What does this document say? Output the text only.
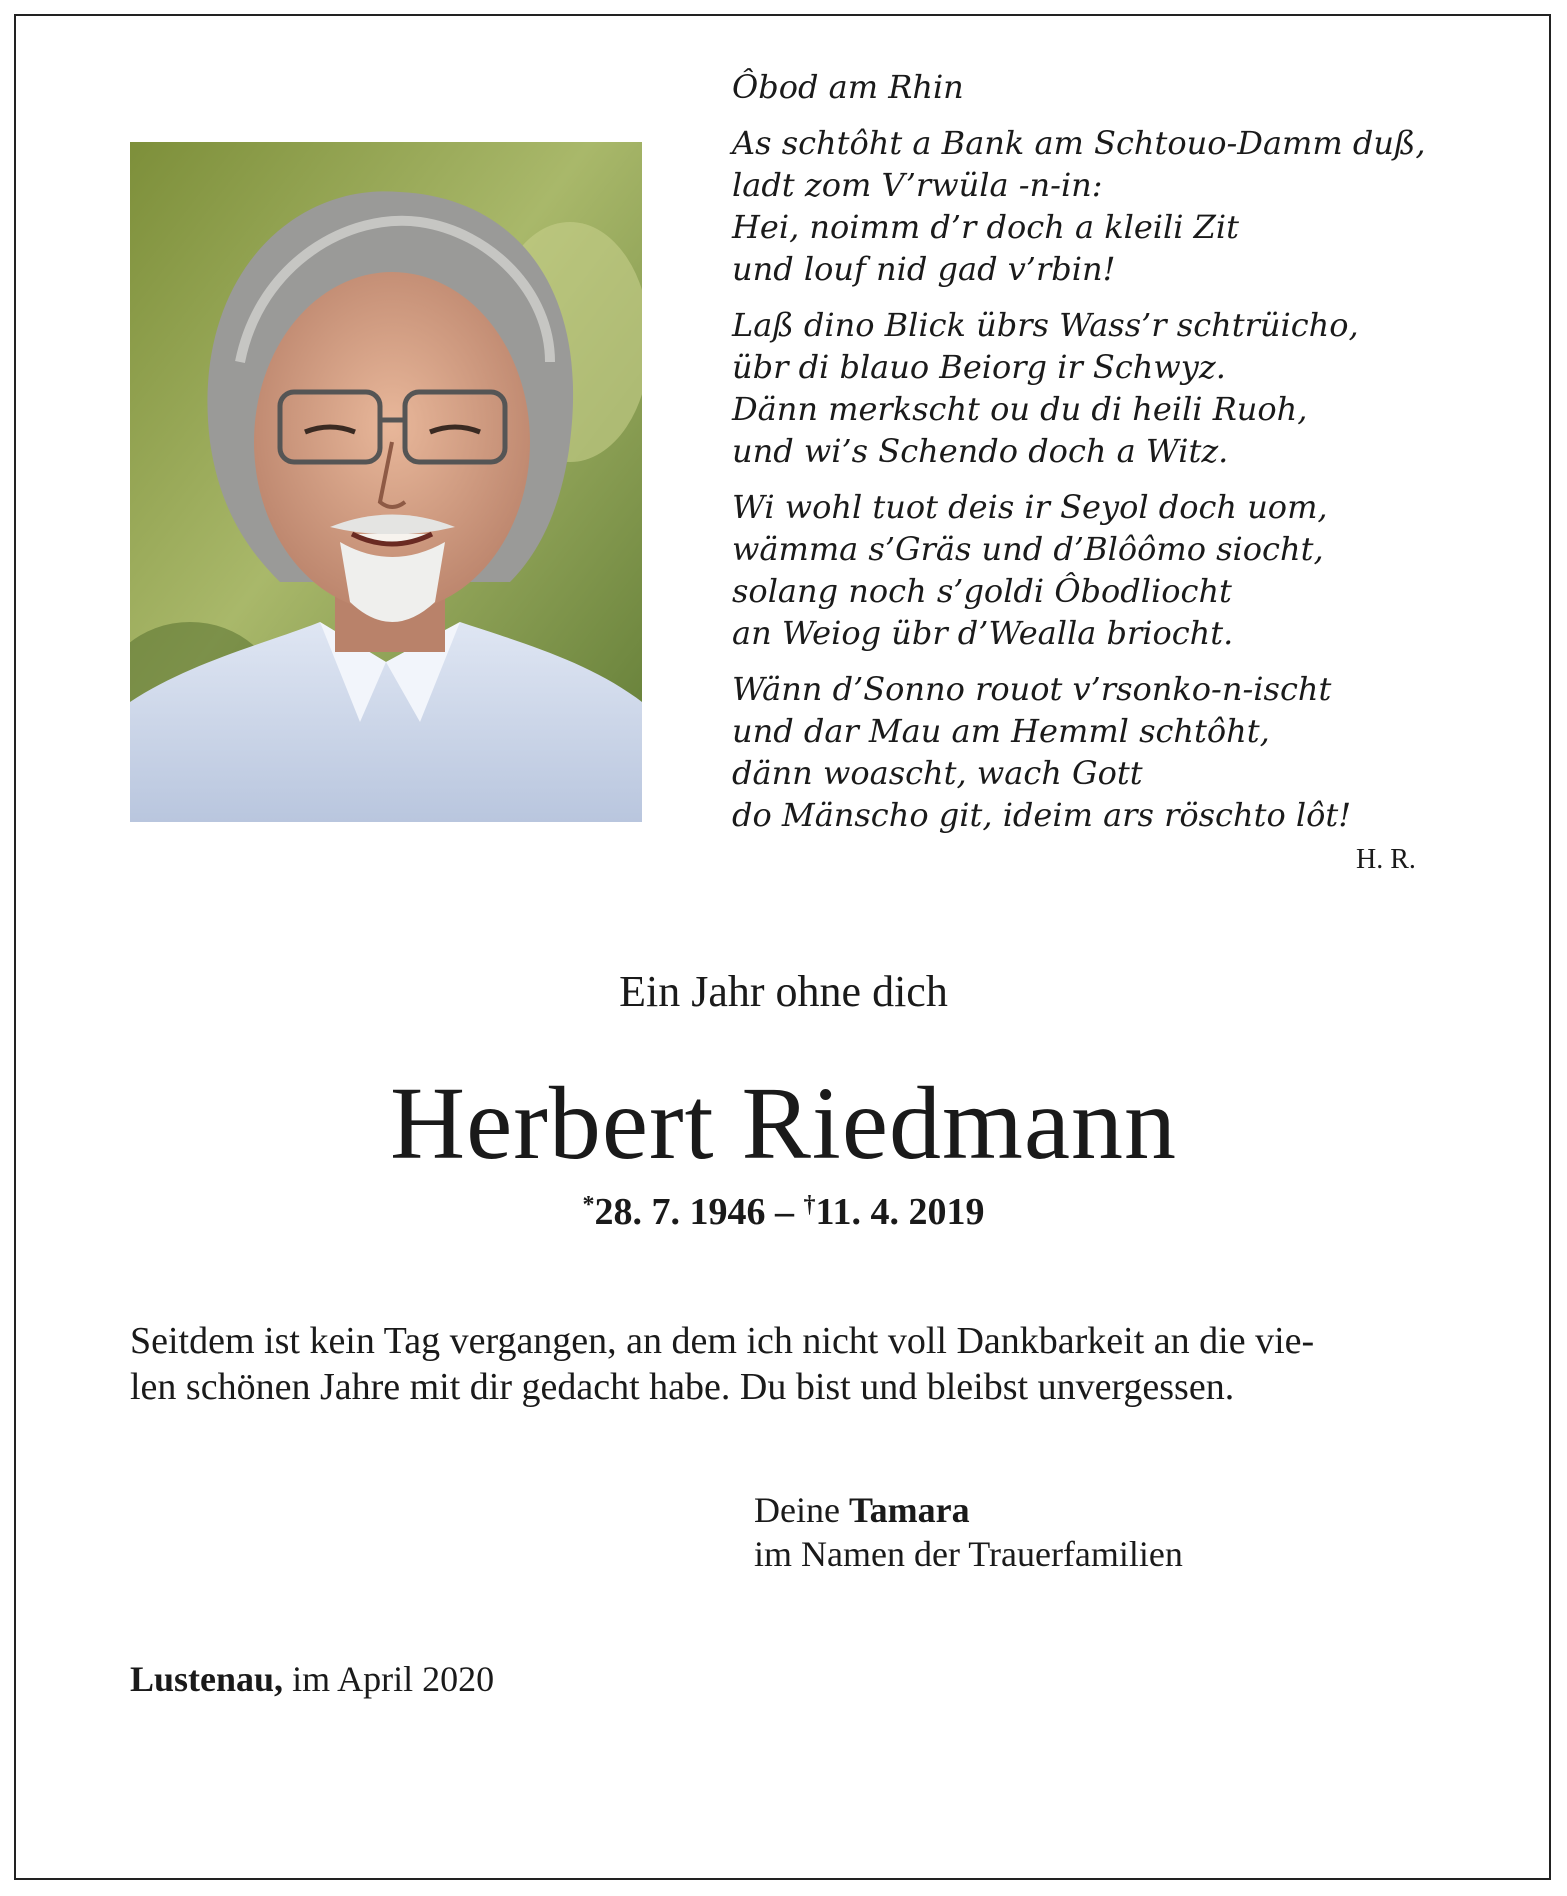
Ôbod am Rhin
As schtôht a Bank am Schtouo-Damm duß,
ladt zom V’rwüla -n-in:
Hei, noimm d’r doch a kleili Zit
und louf nid gad v’rbin!
Laß dino Blick übrs Wass’r schtrüicho,
übr di blauo Beiorg ir Schwyz.
Dänn merkscht ou du di heili Ruoh,
und wi’s Schendo doch a Witz.
Wi wohl tuot deis ir Seyol doch uom,
wämma s’Gräs und d’Blôômo siocht,
solang noch s’goldi Ôbodliocht
an Weiog übr d’Wealla briocht.
Wänn d’Sonno rouot v’rsonko-n-ischt
und dar Mau am Hemml schtôht,
dänn woascht, wach Gott
do Mänscho git, ideim ars röschto lôt!
H. R.
Ein Jahr ohne dich
Herbert Riedmann
*28. 7. 1946 – †11. 4. 2019
Seitdem ist kein Tag vergangen, an dem ich nicht voll Dankbarkeit an die vie-
len schönen Jahre mit dir gedacht habe. Du bist und bleibst unvergessen.
Deine Tamara
im Namen der Trauerfamilien
Lustenau, im April 2020
